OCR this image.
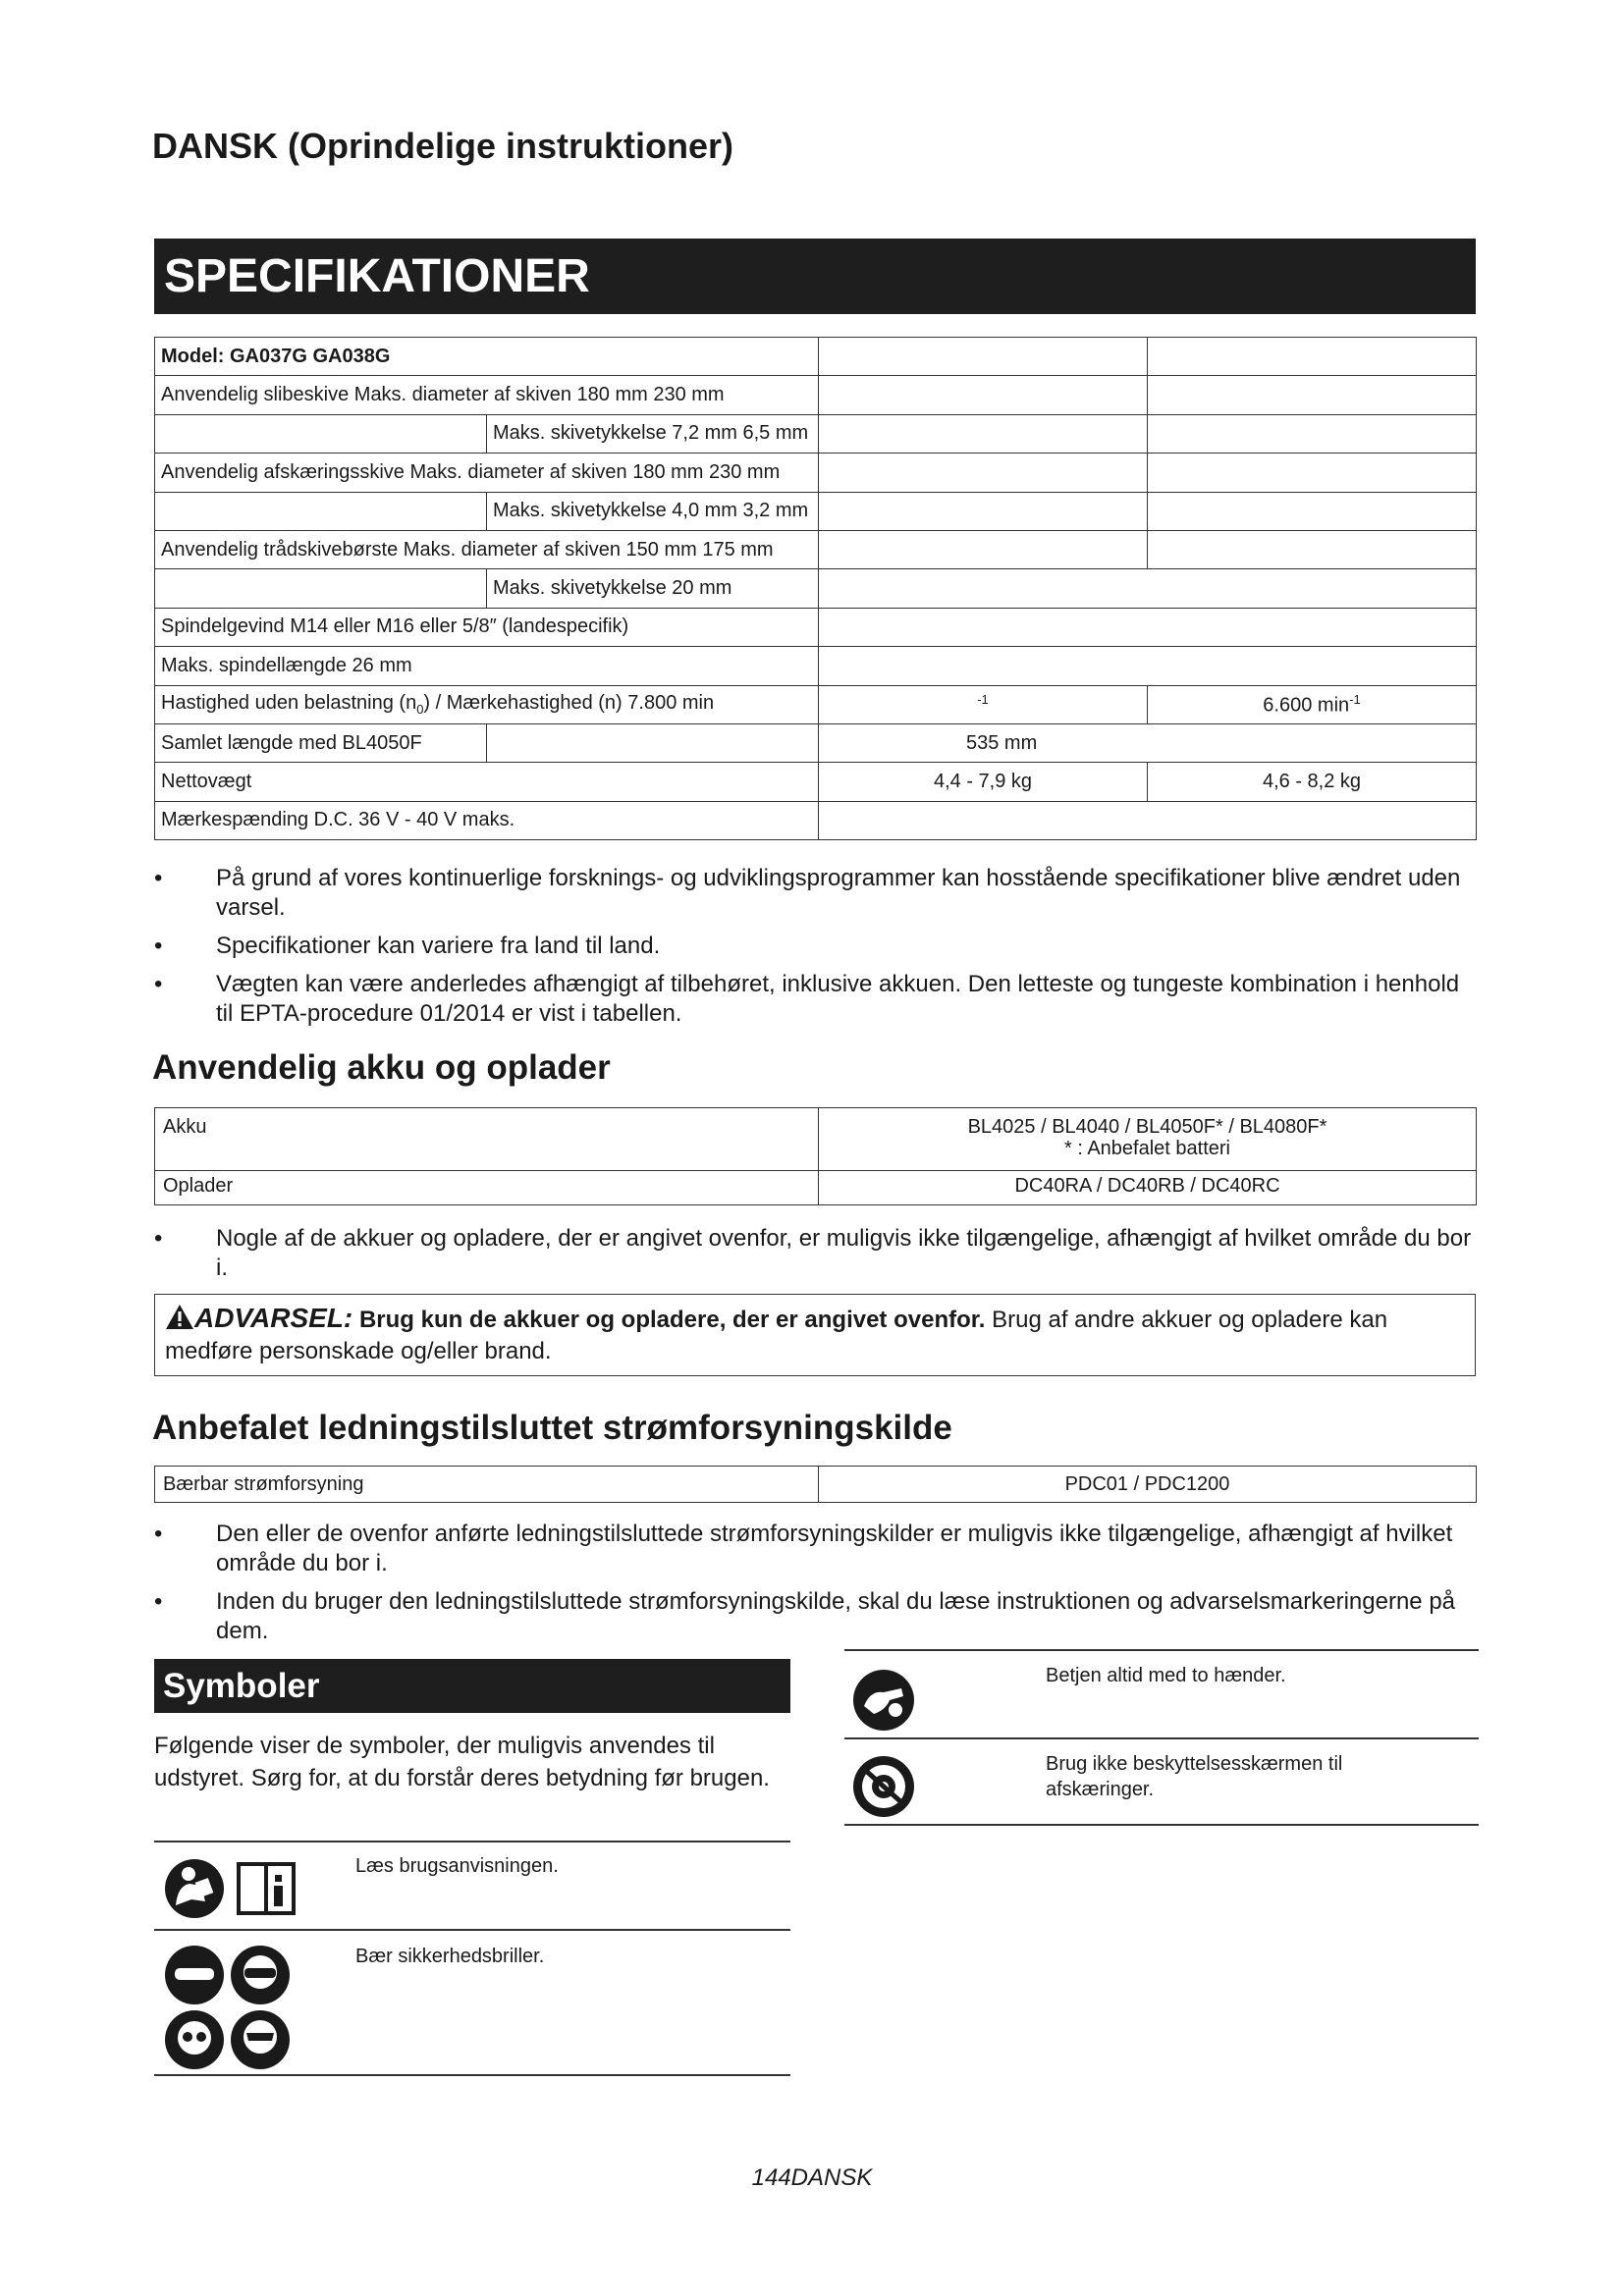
DANSK (Oprindelige instruktioner)
SPECIFIKATIONER
Model: GA037G GA038G			
Anvendelig slibeskive Maks. diameter af skiven 180 mm 230 mm			
	Maks. skivetykkelse 7,2 mm 6,5 mm		
Anvendelig afskæringsskive Maks. diameter af skiven 180 mm 230 mm			
	Maks. skivetykkelse 4,0 mm 3,2 mm		
Anvendelig trådskivebørste Maks. diameter af skiven 150 mm 175 mm			
	Maks. skivetykkelse 20 mm		
Spindelgevind M14 eller M16 eller 5/8″ (landespecifik)			
Maks. spindellængde 26 mm			
Hastighed uden belastning $(n_0)$ / Mærkehastighed (n) 7.800 min		$^{-1}$	6.600 $\min^{-1}$
Samlet længde med BL4050F		535 mm	
Nettovægt		4,4 - 7,9 kg	4,6 - 8,2 kg
Mærkespænding D.C. 36 V - 40 V maks.			
• På grund af vores kontinuerlige forsknings- og udviklingsprogrammer kan hosstående specifikationer blive ændret uden varsel.
• Specifikationer kan variere fra land til land.
• Vægten kan være anderledes afhængigt af tilbehøret, inklusive akkuen. Den letteste og tungeste kombination i henhold til EPTA-procedure 01/2014 er vist i tabellen.
Anvendelig akku og oplader
Akku	BL4025 / BL4040 / BL4050F* / BL4080F*
* : Anbefalet batteri

Oplader	DC40RA / DC40RB / DC40RC
• Nogle af de akkuer og opladere, der er angivet ovenfor, er muligvis ikke tilgængelige, afhængigt af hvilket område du bor i.
ADVARSEL: Brug kun de akkuer og opladere, der er angivet ovenfor. Brug af andre akkuer og opladere kan medføre personskade og/eller brand.
Anbefalet ledningstilsluttet strømforsyningskilde
Bærbar strømforsyning	PDC01 / PDC1200
• Den eller de ovenfor anførte ledningstilsluttede strømforsyningskilder er muligvis ikke tilgængelige, afhængigt af hvilket område du bor i.
• Inden du bruger den ledningstilsluttede strømforsyningskilde, skal du læse instruktionen og advarselsmarkeringerne på dem.
Symboler
Følgende viser de symboler, der muligvis anvendes til udstyret. Sørg for, at du forstår deres betydning før brugen.
Læs brugsanvisningen.
Bær sikkerhedsbriller.
Betjen altid med to hænder.
Brug ikke beskyttelsesskærmen til afskæringer.
144DANSK
